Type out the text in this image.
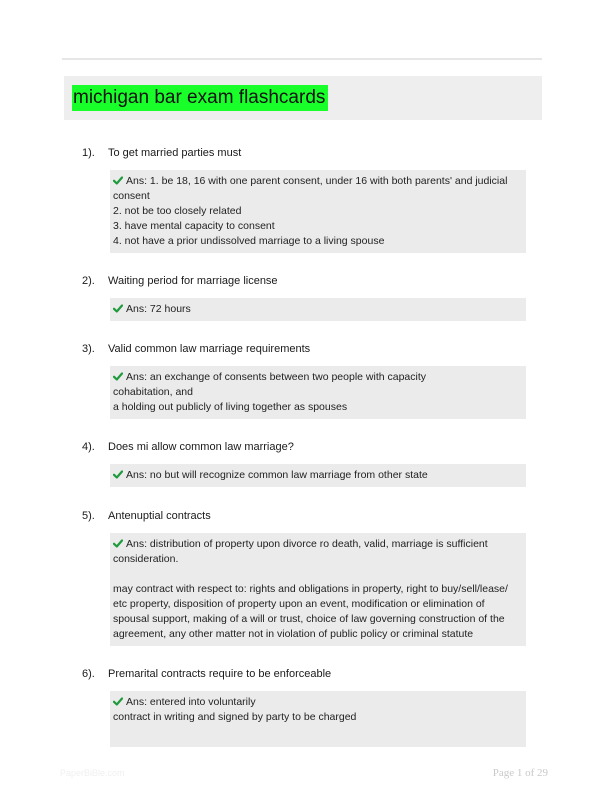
michigan bar exam flashcards
1). To get married parties must
Ans: 1. be 18, 16 with one parent consent, under 16 with both parents' and judicial consent
2. not be too closely related
3. have mental capacity to consent
4. not have a prior undissolved marriage to a living spouse
2). Waiting period for marriage license
Ans: 72 hours
3). Valid common law marriage requirements
Ans: an exchange of consents between two people with capacity
cohabitation, and
a holding out publicly of living together as spouses
4). Does mi allow common law marriage?
Ans: no but will recognize common law marriage from other state
5). Antenuptial contracts
Ans: distribution of property upon divorce ro death, valid, marriage is sufficient consideration.
may contract with respect to: rights and obligations in property, right to buy/sell/lease/ etc property, disposition of property upon an event, modification or elimination of spousal support, making of a will or trust, choice of law governing construction of the agreement, any other matter not in violation of public policy or criminal statute
6). Premarital contracts require to be enforceable
Ans: entered into voluntarily
contract in writing and signed by party to be charged
PaperBiBle.com	Page 1 of 29
